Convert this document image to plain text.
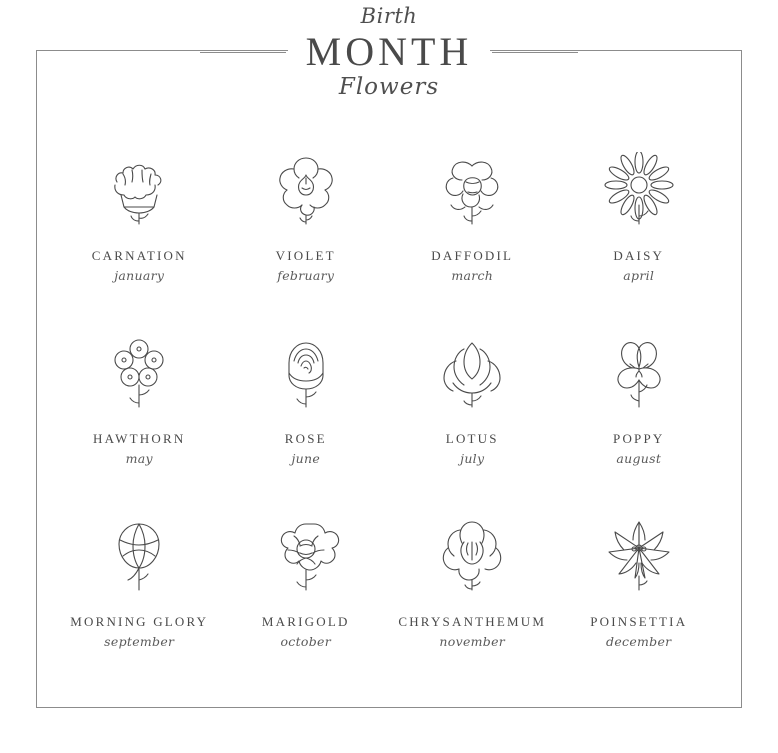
Birth
MONTH
Flowers
CARNATION
january
VIOLET
february
DAFFODIL
march
DAISY
april
HAWTHORN
may
ROSE
june
LOTUS
july
POPPY
august
MORNING GLORY
september
MARIGOLD
october
CHRYSANTHEMUM
november
POINSETTIA
december
